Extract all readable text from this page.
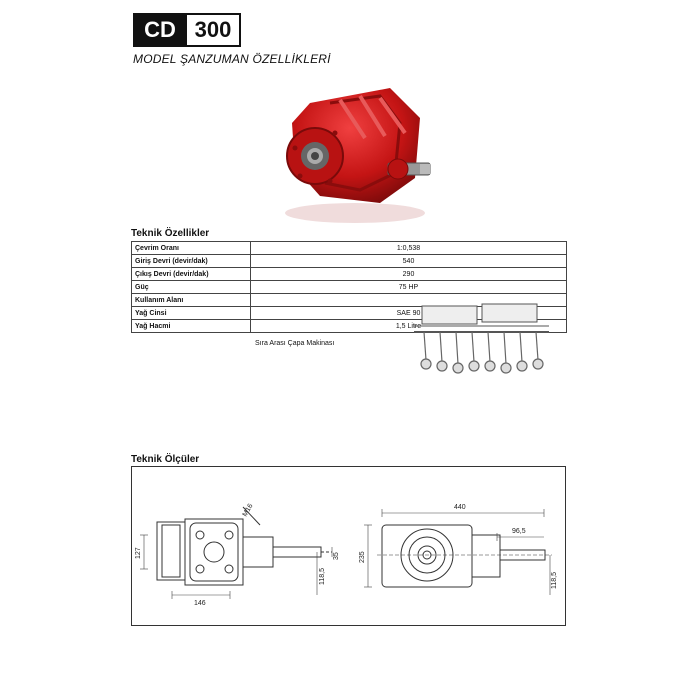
CD 300
MODEL ŞANZUMAN ÖZELLİKLERİ
Teknik Özellikler
Çevrim Oranı	1:0,538
Giriş Devri (devir/dak)	540
Çıkış Devri (devir/dak)	290
Güç	75 HP
Kullanım Alanı	Sıra Arası Çapa Makinası

Yağ Cinsi	SAE 90
Yağ Hacmi	1,5 Litre
Teknik Ölçüler
M16
127	35
118,5
146
440
96,5
235
118,5
